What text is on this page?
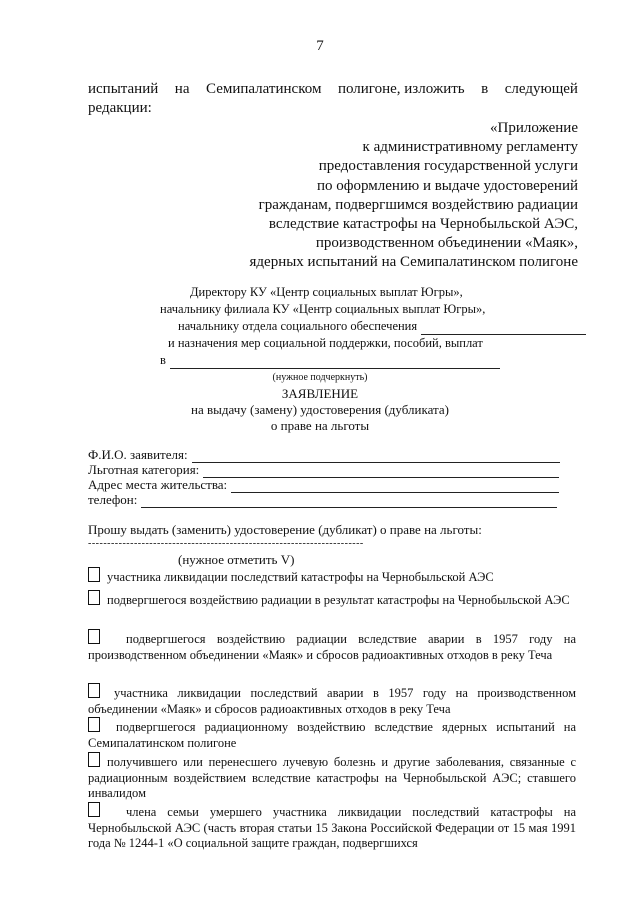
7
испытаний на Семипалатинском полигоне, изложить в следующей
редакции:
«Приложение
к административному регламенту
предоставления государственной услуги
по оформлению и выдаче удостоверений
гражданам, подвергшимся воздействию радиации
вследствие катастрофы на Чернобыльской АЭС,
производственном объединении «Маяк»,
ядерных испытаний на Семипалатинском полигоне
Директору КУ «Центр социальных выплат Югры»,
начальнику филиала КУ «Центр социальных выплат Югры»,
начальнику отдела социального обеспечения
и назначения мер социальной поддержки, пособий, выплат
в
(нужное подчеркнуть)
ЗАЯВЛЕНИЕ
на выдачу (замену) удостоверения (дубликата)
о праве на льготы
Ф.И.О. заявителя:
Льготная категория:
Адрес места жительства:
телефон:
Прошу выдать (заменить) удостоверение (дубликат) о праве на льготы:
------------------------------------------------------------------------
(нужное отметить V)
участника ликвидации последствий катастрофы на Чернобыльской АЭС
подвергшегося воздействию радиации в результат катастрофы на Чернобыльской АЭС
подвергшегося воздействию радиации вследствие аварии в 1957 году на производственном объединении «Маяк» и сбросов радиоактивных отходов в реку Теча
участника ликвидации последствий аварии в 1957 году на производственном объединении «Маяк» и сбросов радиоактивных отходов в реку Теча
подвергшегося радиационному воздействию вследствие ядерных испытаний на Семипалатинском полигоне
получившего или перенесшего лучевую болезнь и другие заболевания, связанные с радиационным воздействием вследствие катастрофы на Чернобыльской АЭС; ставшего инвалидом
члена семьи умершего участника ликвидации последствий катастрофы на Чернобыльской АЭС (часть вторая статьи 15 Закона Российской Федерации от 15 мая 1991 года № 1244-1 «О социальной защите граждан, подвергшихся
